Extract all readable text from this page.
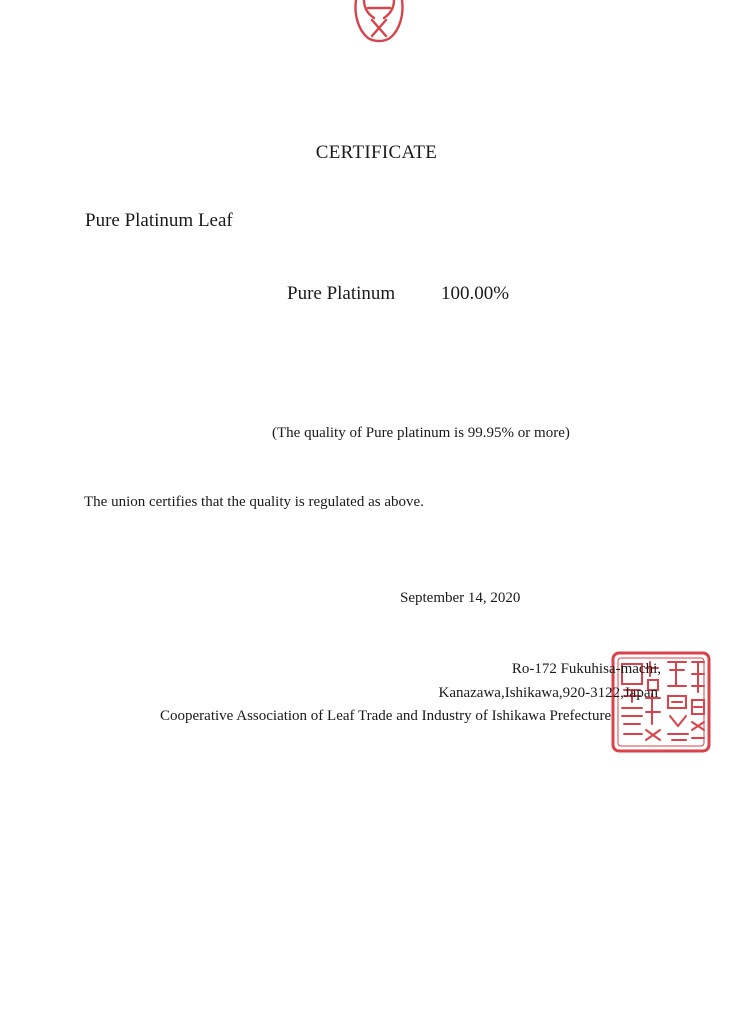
CERTIFICATE
Pure Platinum Leaf
Pure Platinum 100.00%
(The quality of Pure platinum is 99.95% or more)
The union certifies that the quality is regulated as above.
September 14, 2020
Ro-172 Fukuhisa-machi,
Kanazawa,Ishikawa,920-3122,Japan
Cooperative Association of Leaf Trade and Industry of Ishikawa Prefecture
